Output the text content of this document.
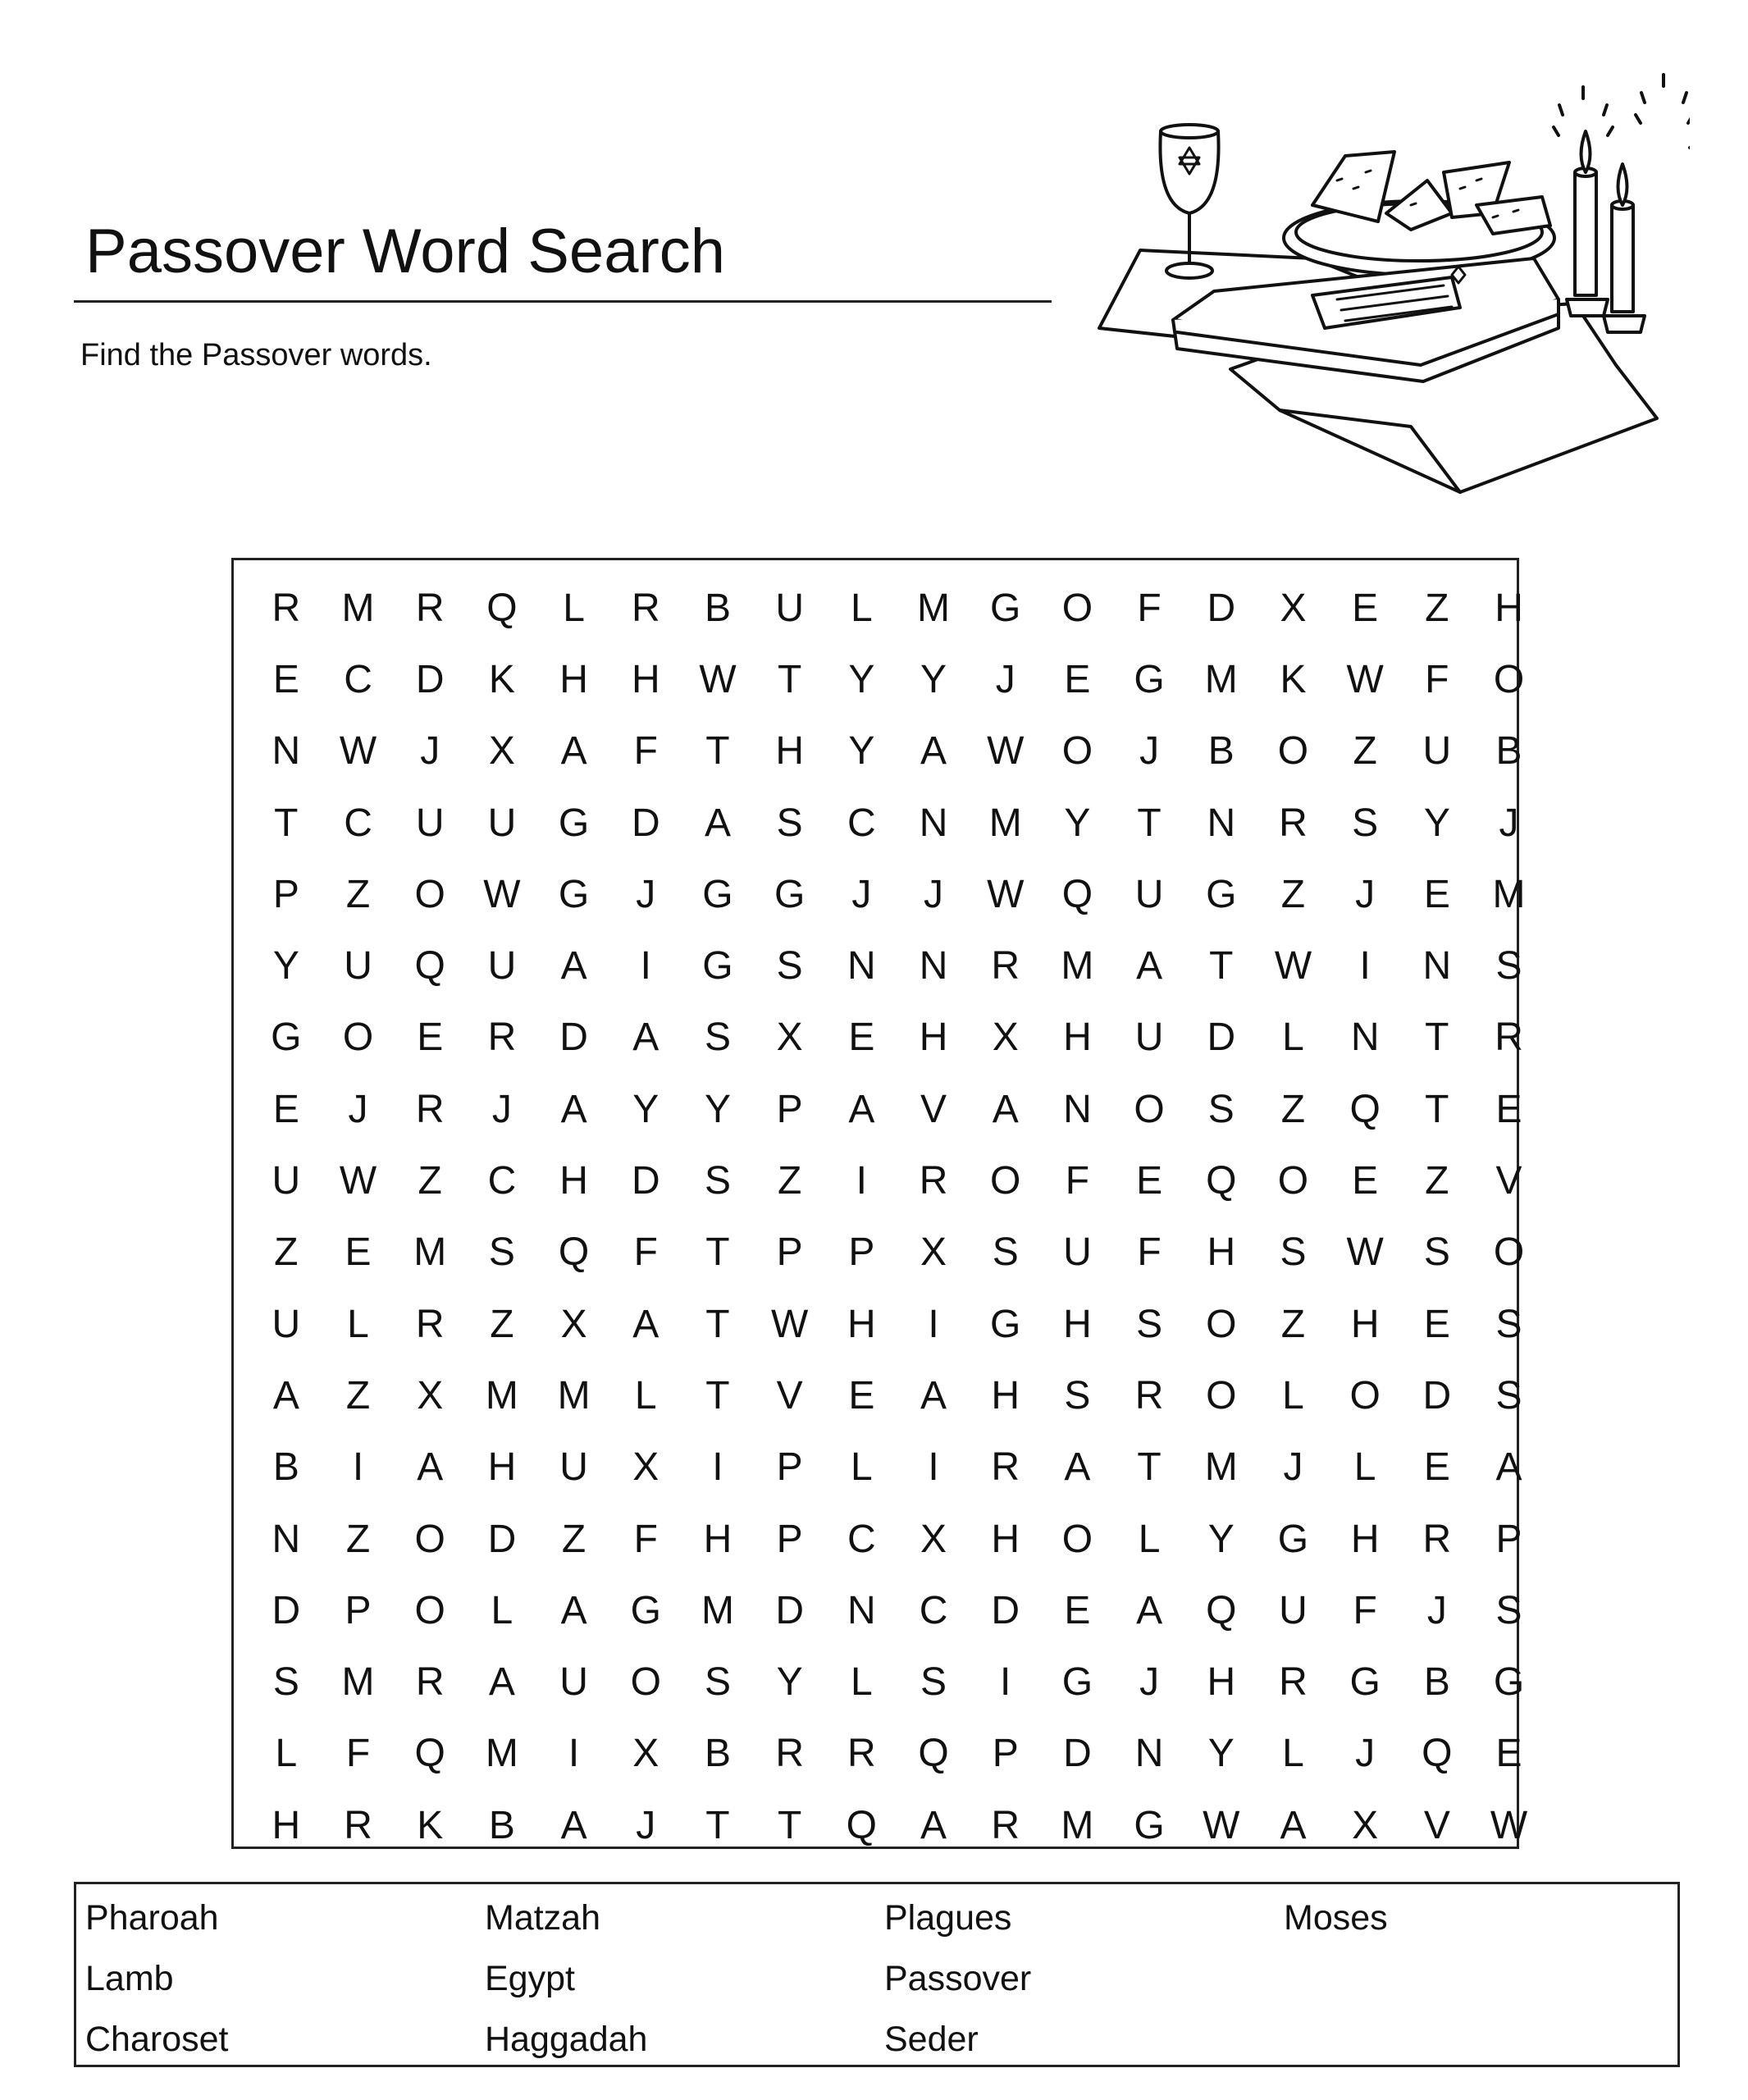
Passover Word Search
Find the Passover words.
R	M	R	Q	L	R	B	U	L	M	G	O	F	D	X	E	Z	H
E	C	D	K	H	H W	T	Y	Y	J	E	G	M	K	W	F	O
N W	J	X	A	F	T	H	Y	A	W O	J	B	O	Z	U	B
T	C	U	U	G	D	A	S	C	N	M	Y	T	N	R	S	Y	J
P	Z	O W G	J	G	G	J	J	W Q	U	G	Z	J	E	M
Y	U	Q	U	A	I	G	S	N	N	R	M	A	T	W	I	N	S
G	O	E	R	D	A	S	X	E	H	X	H	U	D	L	N	T	R
E	J	R	J	A	Y	Y	P	A	V	A	N	O	S	Z	Q	T	E
U W	Z	C	H	D	S	Z	I	R	O	F	E	Q	O	E	Z	V
Z	E	M	S	Q	F	T	P	P	X	S	U	F	H	S	W	S	O
U	L	R	Z	X	A	T	W H	I	G	H	S	O	Z	H	E	S
A	Z	X	M M	L	T	V	E	A	H	S	R	O	L	O	D	S
B	I	A	H	U	X	I	P	L	I	R	A	T	M	J	L	E	A
N	Z	O	D	Z	F	H	P	C	X	H	O	L	Y	G	H	R	P
D	P	O	L	A	G	M	D	N	C	D	E	A	Q	U	F	J	S
S	M	R	A	U	O	S	Y	L	S	I	G	J	H	R	G	B	G
L	F	Q	M	I	X	B	R	R	Q	P	D	N	Y	L	J	Q	E
H	R	K	B	A	J	T	T	Q	A	R	M	G W	A	X	V	W
Pharoah	Matzah	Plagues	Moses
Lamb	Egypt	Passover
Charoset	Haggadah	Seder
